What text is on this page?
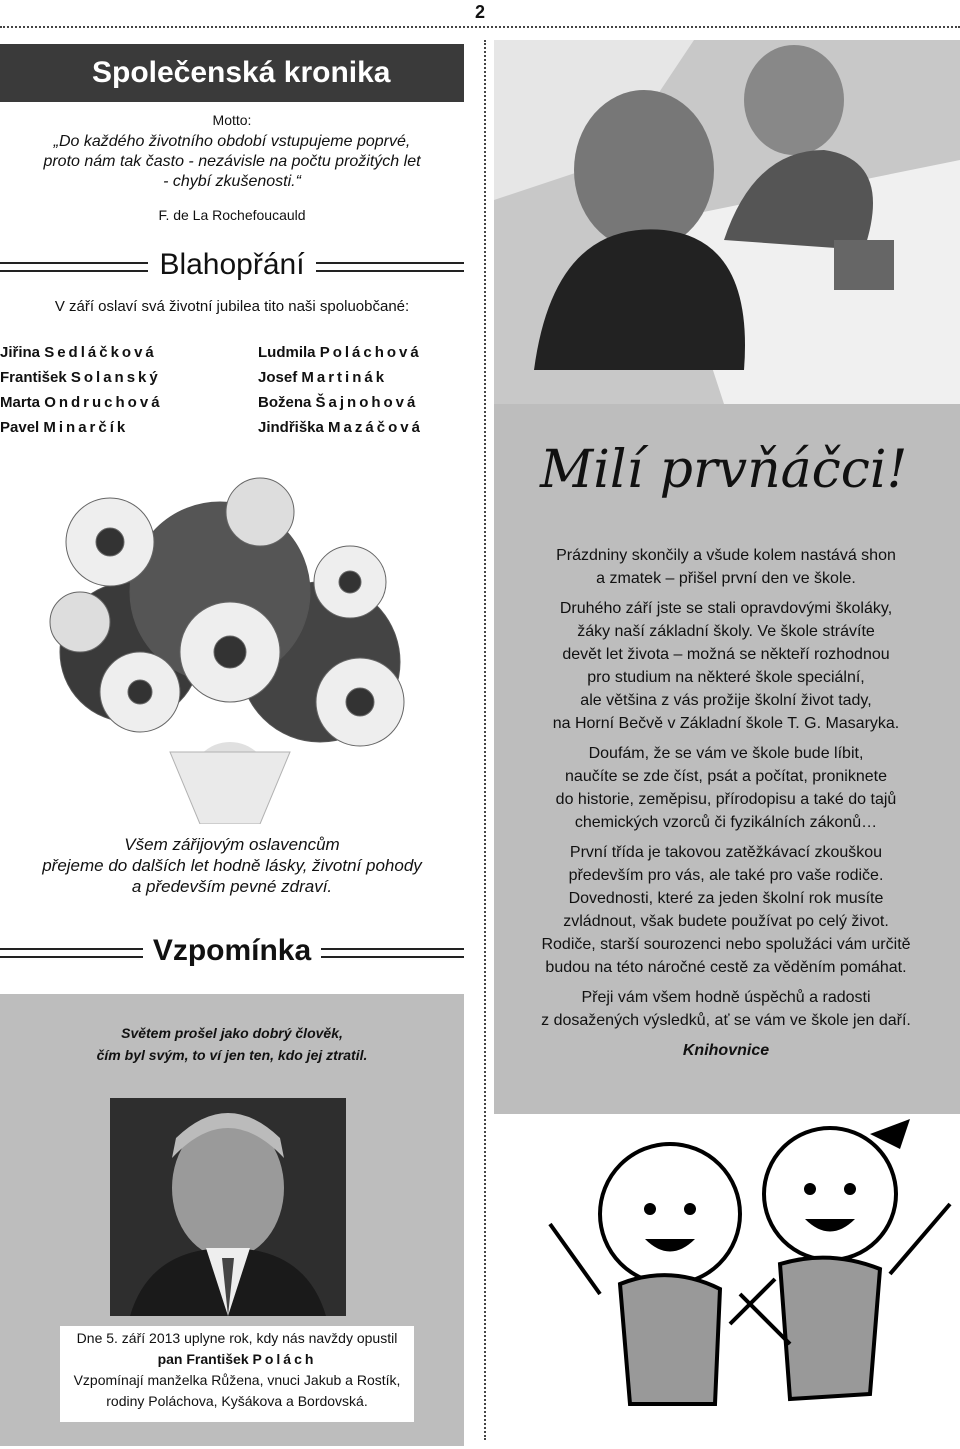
2
Společenská kronika
Motto:
„Do každého životního období vstupujeme poprvé,
proto nám tak často - nezávisle na počtu prožitých let
- chybí zkušenosti.“
F. de La Rochefoucauld
Blahopřání
V září oslaví svá životní jubilea tito naši spoluobčané:
Jiřina Sedláčková
František Solanský
Marta Ondruchová
Pavel Minarčík
Ludmila Poláchová
Josef Martinák
Božena Šajnohová
Jindřiška Mazáčová
Všem zářijovým oslavencům
přejeme do dalších let hodně lásky, životní pohody
a především pevné zdraví.
Vzpomínka
Světem prošel jako dobrý člověk,
čím byl svým, to ví jen ten, kdo jej ztratil.
Dne 5. září 2013 uplyne rok, kdy nás navždy opustil
pan František Polách
Vzpomínají manželka Růžena, vnuci Jakub a Rostík,
rodiny Poláchova, Kyšákova a Bordovská.
Milí prvňáčci!

Prázdniny skončily a všude kolem nastává shon
a zmatek – přišel první den ve škole.

Druhého září jste se stali opravdovými školáky,
žáky naší základní školy. Ve škole strávíte
devět let života – možná se někteří rozhodnou
pro studium na některé škole speciální,
ale většina z vás prožije školní život tady,
na Horní Bečvě v Základní škole T. G. Masaryka.

Doufám, že se vám ve škole bude líbit,
naučíte se zde číst, psát a počítat, proniknete
do historie, zeměpisu, přírodopisu a také do tajů
chemických vzorců či fyzikálních zákonů…

První třída je takovou zatěžkávací zkouškou
především pro vás, ale také pro vaše rodiče.
Dovednosti, které za jeden školní rok musíte
zvládnout, však budete používat po celý život.
Rodiče, starší sourozenci nebo spolužáci vám určitě
budou na této náročné cestě za věděním pomáhat.

Přeji vám všem hodně úspěchů a radosti
z dosažených výsledků, ať se vám ve škole jen daří.

Knihovnice
